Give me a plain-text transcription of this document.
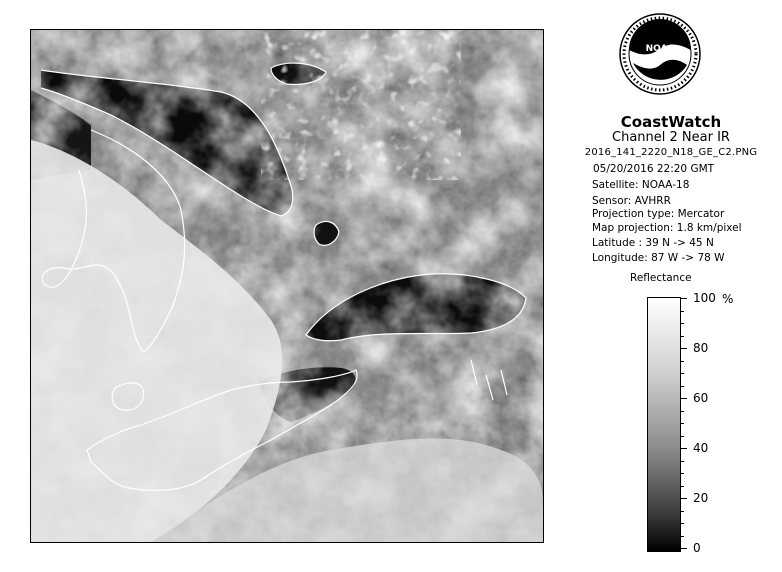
NOAA
CoastWatch
Channel 2 Near IR
2016_141_2220_N18_GE_C2.PNG
05/20/2016 22:20 GMT
Satellite: NOAA-18
Sensor: AVHRR
Projection type: Mercator
Map projection: 1.8 km/pixel
Latitude : 39 N -> 45 N
Longitude: 87 W -> 78 W
Reflectance
%
100
80
60
40
20
0
